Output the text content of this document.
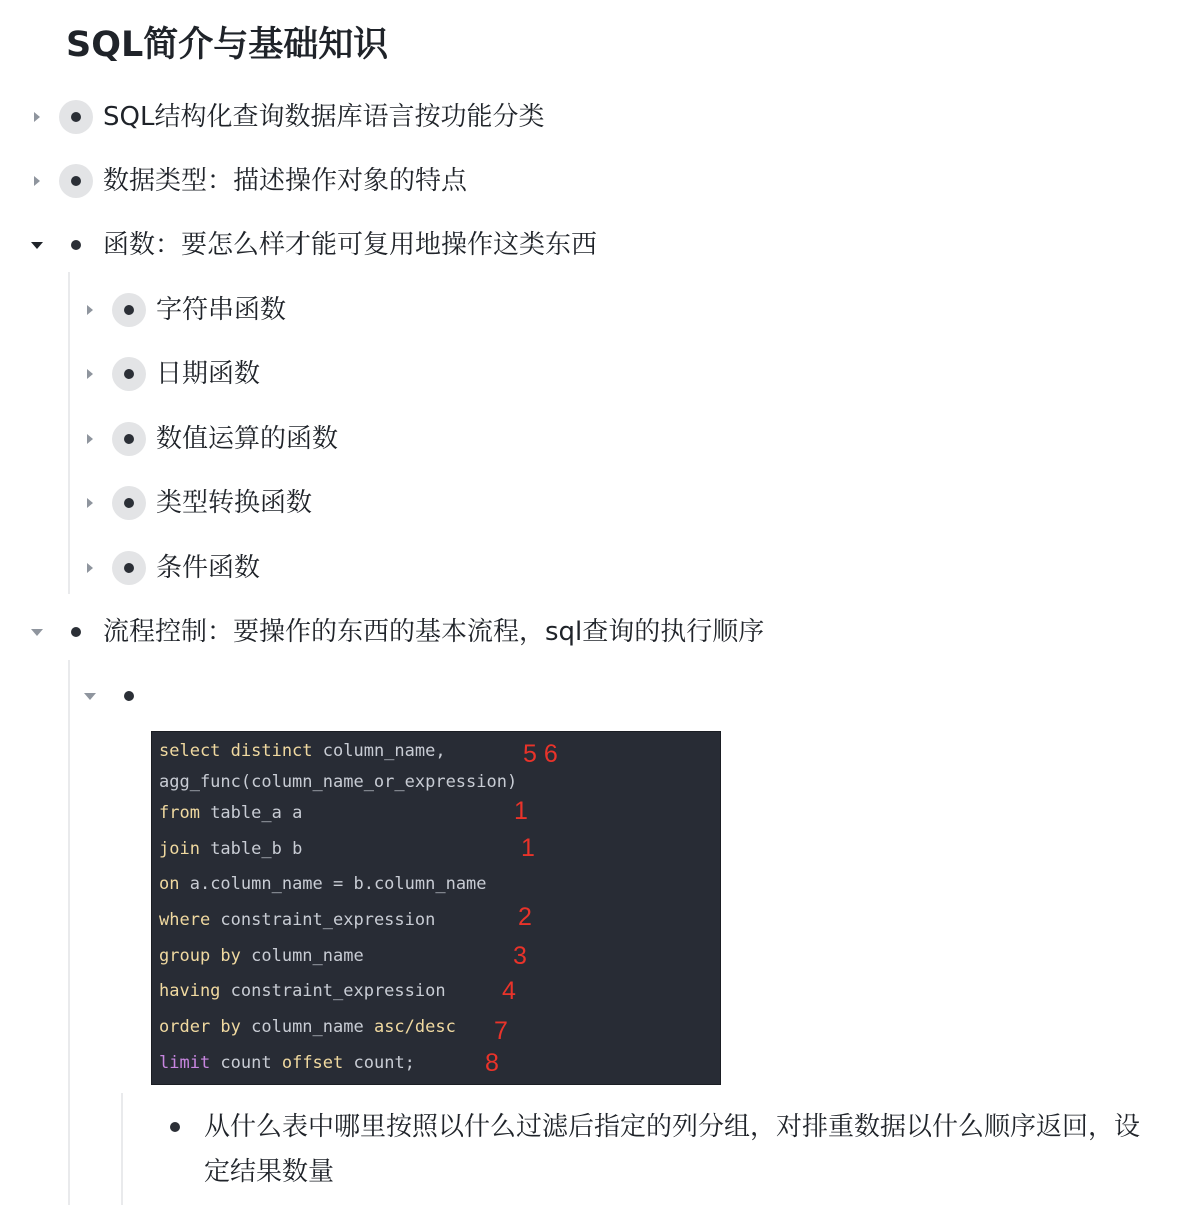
SQL简介与基础知识
SQL结构化查询数据库语言按功能分类
数据类型：描述操作对象的特点
函数：要怎么样才能可复用地操作这类东西
字符串函数
日期函数
数值运算的函数
类型转换函数
条件函数
流程控制：要操作的东西的基本流程，sql查询的执行顺序
select distinct column_name,
agg_func(column_name_or_expression)
from table_a a
join table_b b
on a.column_name = b.column_name
where constraint_expression
group by column_name
having constraint_expression
order by column_name asc/desc
limit count offset count;
5 6
1
1
2
3
4
7
8
从什么表中哪里按照以什么过滤后指定的列分组，对排重数据以什么顺序返回，设定结果数量
